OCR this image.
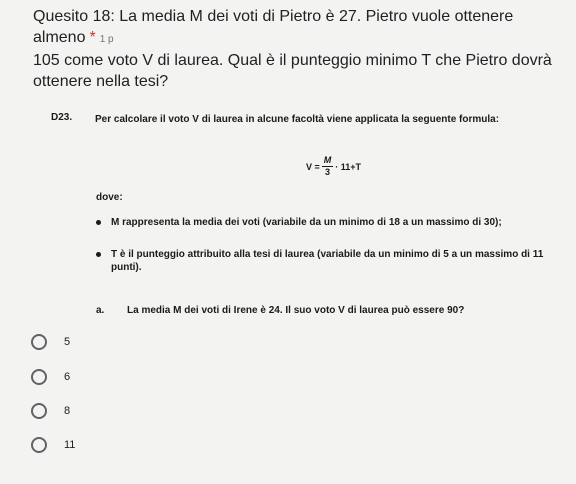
Quesito 18: La media M dei voti di Pietro è 27. Pietro vuole ottenere almeno * 1 p
105 come voto V di laurea. Qual è il punteggio minimo T che Pietro dovrà
ottenere nella tesi?
D23. Per calcolare il voto V di laurea in alcune facoltà viene applicata la seguente formula:
$V = \frac{M}{3} \cdot 11+T$
dove:
M rappresenta la media dei voti (variabile da un minimo di 18 a un massimo di 30);
T è il punteggio attribuito alla tesi di laurea (variabile da un minimo di 5 a un massimo di 11 punti).
a. La media M dei voti di Irene è 24. Il suo voto V di laurea può essere 90?
5
6
8
11
